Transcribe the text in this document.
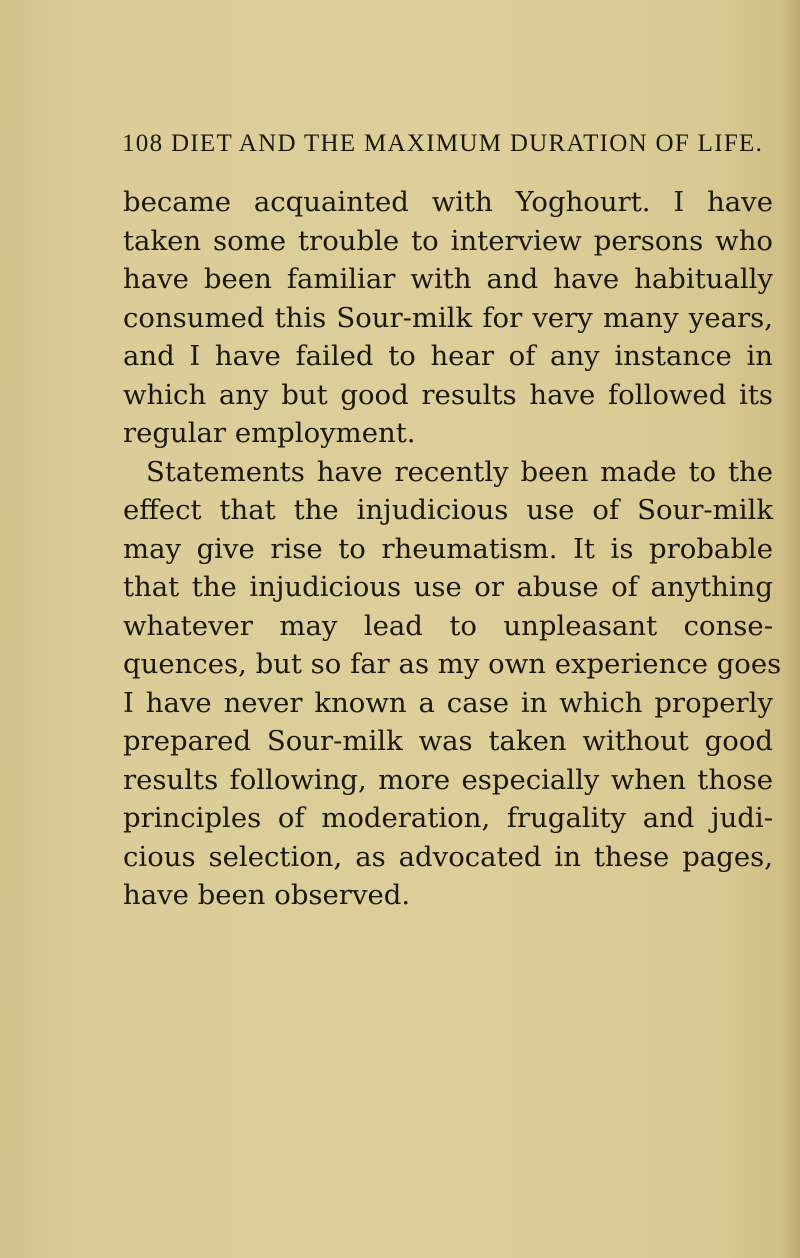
108 DIET AND THE MAXIMUM DURATION OF LIFE.
became acquainted with Yoghourt. I have
taken some trouble to interview persons who
have been familiar with and have habitually
consumed this Sour-milk for very many years,
and I have failed to hear of any instance in
which any but good results have followed its
regular employment.
Statements have recently been made to the
effect that the injudicious use of Sour-milk
may give rise to rheumatism. It is probable
that the injudicious use or abuse of anything
whatever may lead to unpleasant conse-
quences, but so far as my own experience goes
I have never known a case in which properly
prepared Sour-milk was taken without good
results following, more especially when those
principles of moderation, frugality and judi-
cious selection, as advocated in these pages,
have been observed.
